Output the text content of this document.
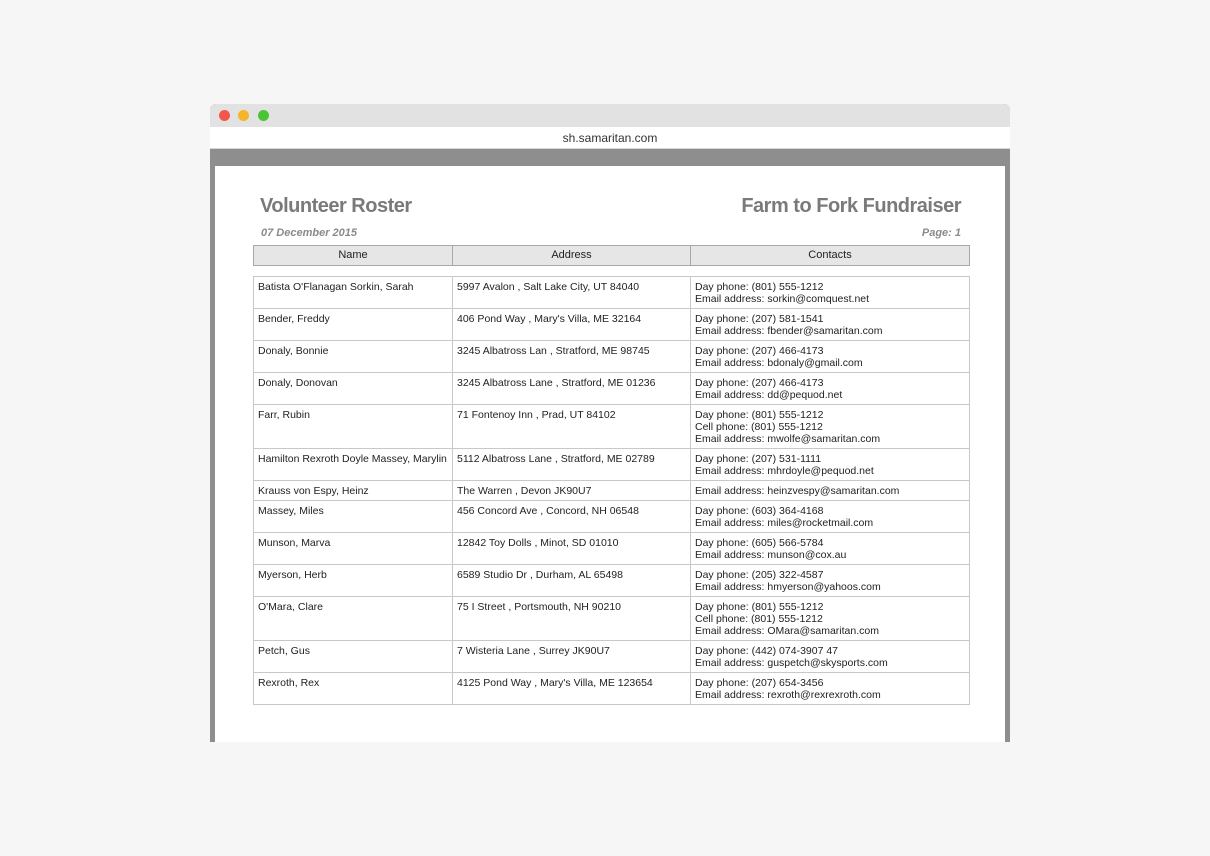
sh.samaritan.com
Volunteer Roster	Farm to Fork Fundraiser
07 December 2015	Page: 1
Name	Address	Contacts
Batista O'Flanagan Sorkin, Sarah	5997 Avalon , Salt Lake City, UT 84040	Day phone: (801) 555-1212
Email address: sorkin@comquest.net
Bender, Freddy	406 Pond Way , Mary's Villa, ME 32164	Day phone: (207) 581-1541
Email address: fbender@samaritan.com
Donaly, Bonnie	3245 Albatross Lan , Stratford, ME 98745	Day phone: (207) 466-4173
Email address: bdonaly@gmail.com
Donaly, Donovan	3245 Albatross Lane , Stratford, ME 01236	Day phone: (207) 466-4173
Email address: dd@pequod.net
Farr, Rubin	71 Fontenoy Inn , Prad, UT 84102	Day phone: (801) 555-1212
Cell phone: (801) 555-1212
Email address: mwolfe@samaritan.com
Hamilton Rexroth Doyle Massey, Marylin 5112 Albatross Lane , Stratford, ME 02789	Day phone: (207) 531-1111
Email address: mhrdoyle@pequod.net
Krauss von Espy, Heinz	The Warren , Devon JK90U7	Email address: heinzvespy@samaritan.com
Massey, Miles	456 Concord Ave , Concord, NH 06548	Day phone: (603) 364-4168
Email address: miles@rocketmail.com
Munson, Marva	12842 Toy Dolls , Minot, SD 01010	Day phone: (605) 566-5784
Email address: munson@cox.au
Myerson, Herb	6589 Studio Dr , Durham, AL 65498	Day phone: (205) 322-4587
Email address: hmyerson@yahoos.com
O'Mara, Clare	75 I Street , Portsmouth, NH 90210	Day phone: (801) 555-1212
Cell phone: (801) 555-1212
Email address: OMara@samaritan.com
Petch, Gus	7 Wisteria Lane , Surrey JK90U7	Day phone: (442) 074-3907 47
Email address: guspetch@skysports.com
Rexroth, Rex	4125 Pond Way , Mary's Villa, ME 123654	Day phone: (207) 654-3456
Email address: rexroth@rexrexroth.com
